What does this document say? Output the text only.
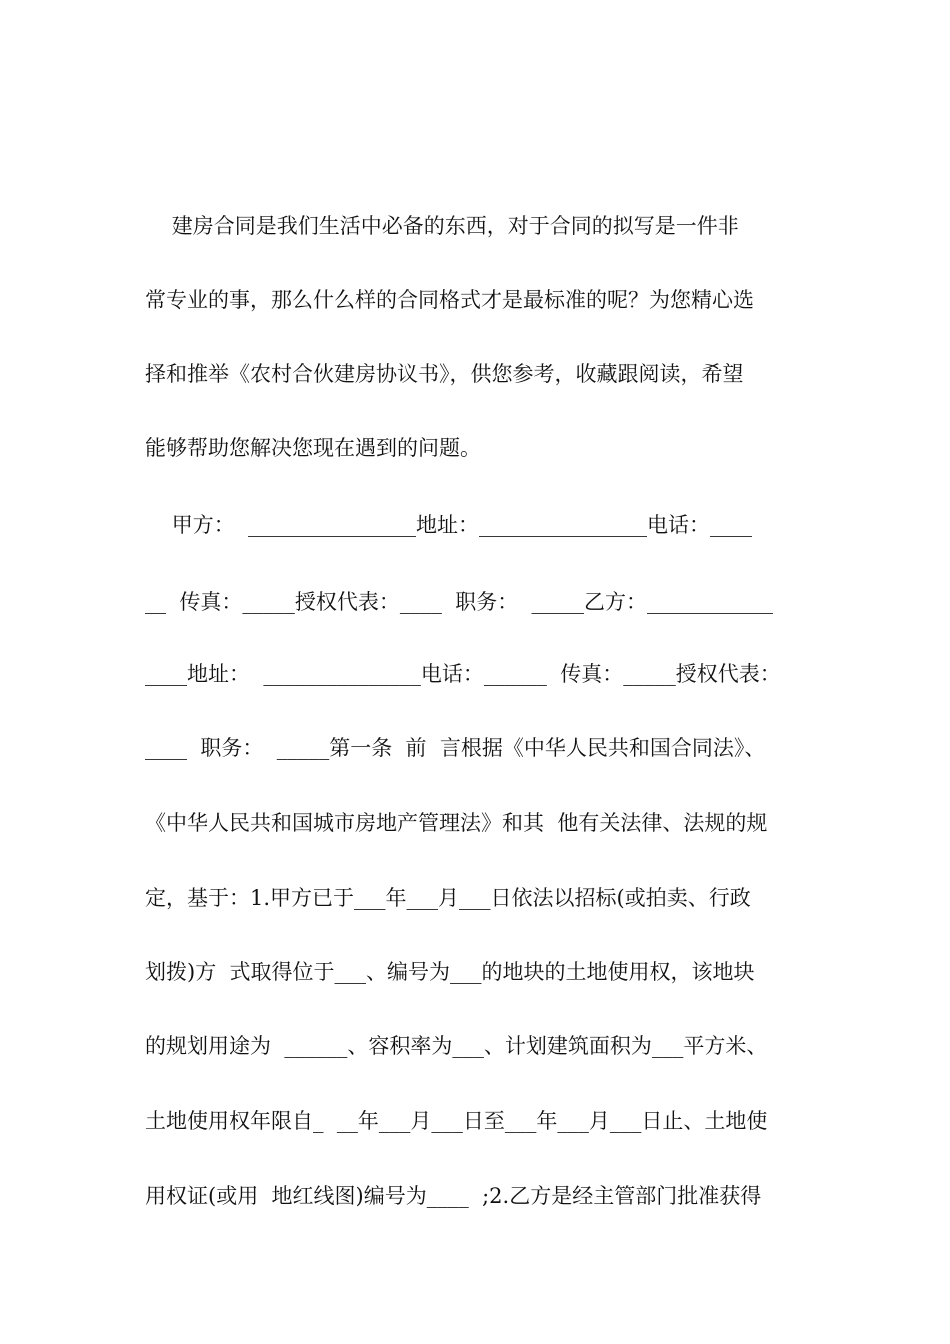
建房合同是我们生活中必备的东西，对于合同的拟写是一件非
常专业的事，那么什么样的合同格式才是最标准的呢？为您精心选
择和推举《农村合伙建房协议书》，供您参考，收藏跟阅读，希望
能够帮助您解决您现在遇到的问题。
甲方：  ________________地址：________________电话：____
__  传真：_____授权代表：____  职务：  _____乙方：____________
____地址：  _______________电话：______  传真：_____授权代表：
____  职务：  _____第一条  前  言根据《中华人民共和国合同法》、
《中华人民共和国城市房地产管理法》和其  他有关法律、法规的规
定，基于：1.甲方已于___年___月___日依法以招标(或拍卖、行政
划拨)方  式取得位于___、编号为___的地块的土地使用权，该地块
的规划用途为  ______、容积率为___、计划建筑面积为___平方米、
土地使用权年限自_  __年___月___日至___年___月___日止、土地使
用权证(或用  地红线图)编号为____  ;2.乙方是经主管部门批准获得
